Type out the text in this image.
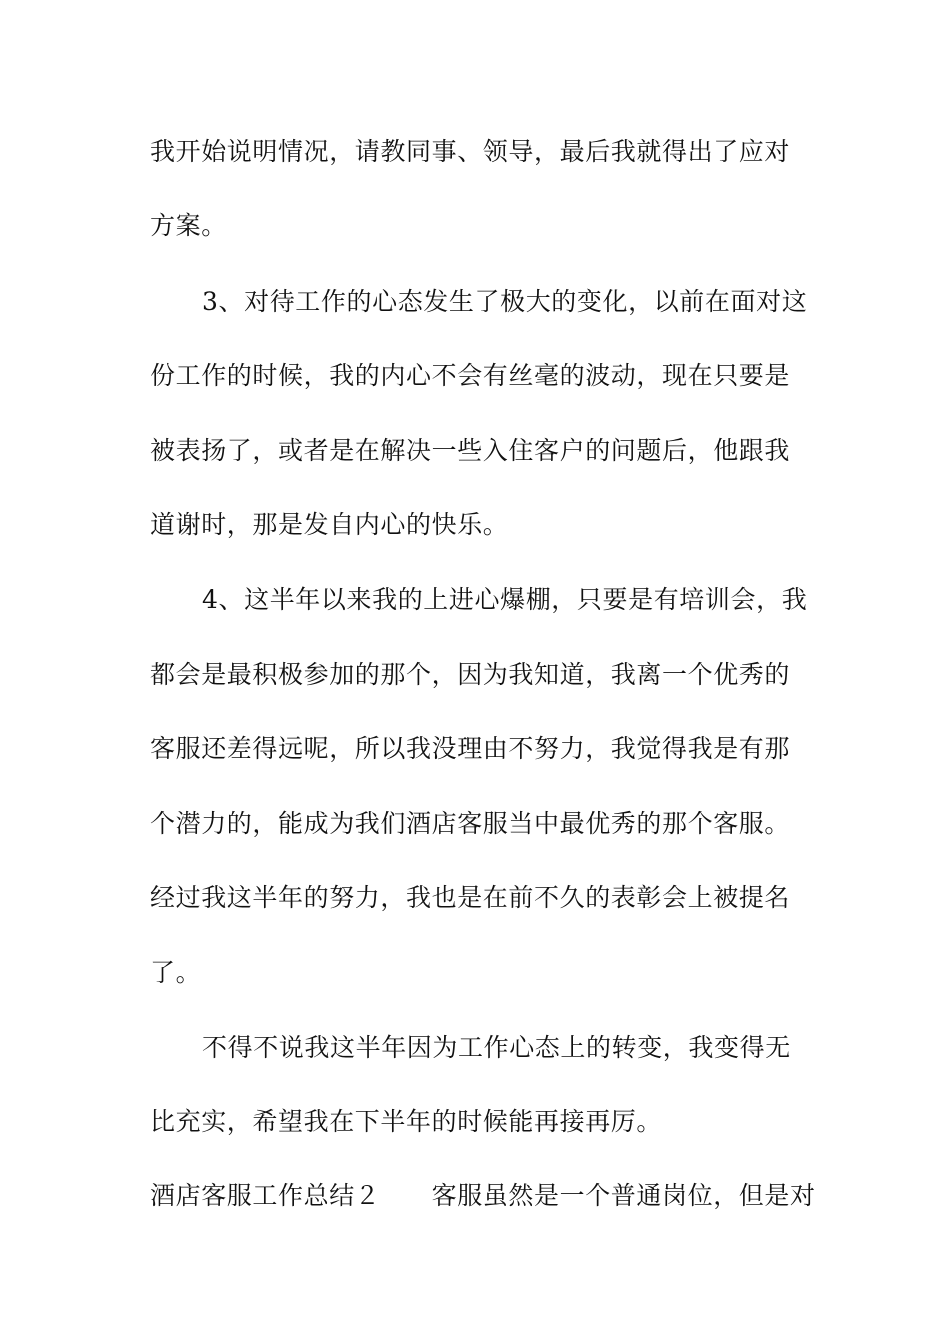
我开始说明情况，请教同事、领导，最后我就得出了应对
方案。
3、对待工作的心态发生了极大的变化，以前在面对这
份工作的时候，我的内心不会有丝毫的波动，现在只要是
被表扬了，或者是在解决一些入住客户的问题后，他跟我
道谢时，那是发自内心的快乐。
4、这半年以来我的上进心爆棚，只要是有培训会，我
都会是最积极参加的那个，因为我知道，我离一个优秀的
客服还差得远呢，所以我没理由不努力，我觉得我是有那
个潜力的，能成为我们酒店客服当中最优秀的那个客服。
经过我这半年的努力，我也是在前不久的表彰会上被提名
了。
不得不说我这半年因为工作心态上的转变，我变得无
比充实，希望我在下半年的时候能再接再厉。
酒店客服工作总结２　　客服虽然是一个普通岗位，但是对
